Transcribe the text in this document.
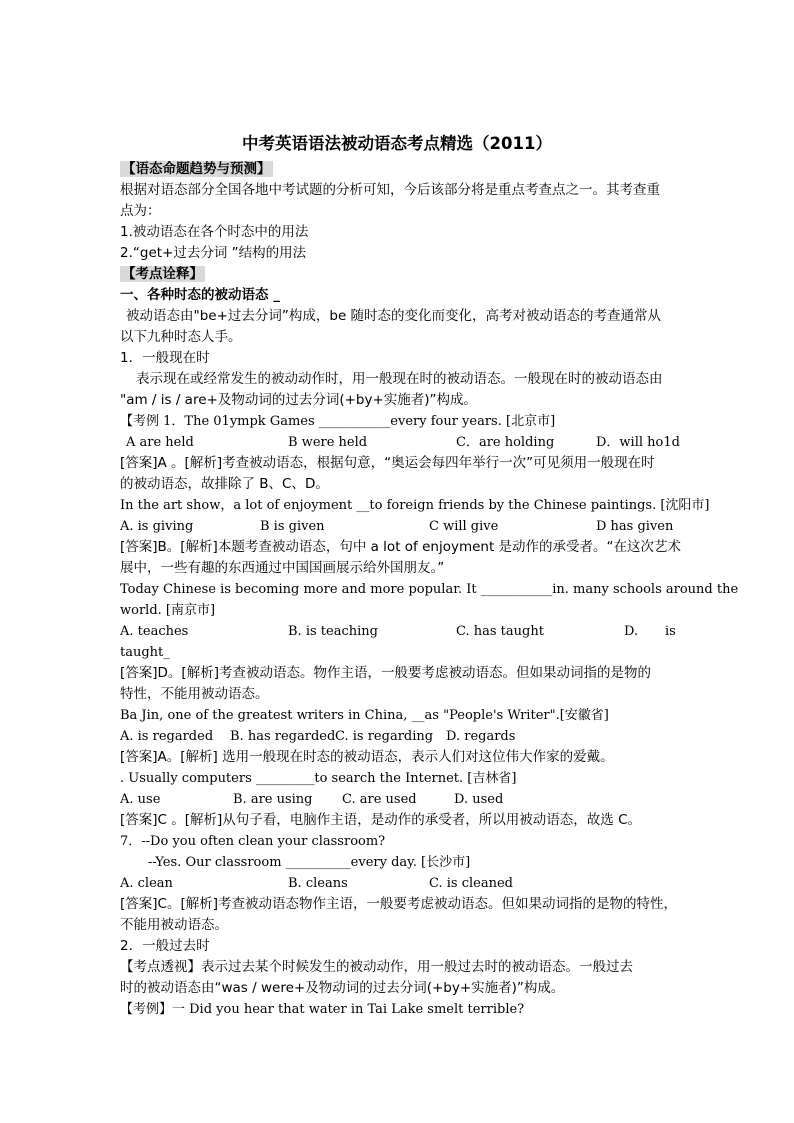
中考英语语法被动语态考点精选（2011）
【语态命题趋势与预测】
根据对语态部分全国各地中考试题的分析可知，今后该部分将是重点考查点之一。其考查重
点为：
1.被动语态在各个时态中的用法
2.“get+过去分词 ”结构的用法
【考点诠释】
一、各种时态的被动语态 _
被动语态由"be+过去分词”构成，be 随时态的变化而变化，高考对被动语态的考查通常从
以下九种时态人手。
1．一般现在时
表示现在或经常发生的被动动作时，用一般现在时的被动语态。一般现在时的被动语态由
"am / is / are+及物动词的过去分词(+by+实施者)”构成。
【考例 1．The 01ympk Games ___________every four years. [北京市]
A are held	B were held	C．are holding	D．will ho1d
[答案]A 。[解析]考查被动语态，根据句意，“奥运会每四年举行一次”可见须用一般现在时
的被动语态，故排除了 B、C、D。
In the art show，a lot of enjoyment __to foreign friends by the Chinese paintings. [沈阳市]
A. is giving	B is given	C will give	D has given
[答案]B。[解析]本题考查被动语态，句中 a lot of enjoyment 是动作的承受者。“在这次艺术
展中，一些有趣的东西通过中国国画展示给外国朋友。”
Today Chinese is becoming more and more popular. It ___________in. many schools around the
world. [南京市]
A. teaches	B. is teaching	C. has taught	D. is
taught_
[答案]D。[解析]考查被动语态。物作主语，一般要考虑被动语态。但如果动词指的是物的
特性，不能用被动语态。
Ba Jin, one of the greatest writers in China, __as "People's Writer".[安徽省]
A. is regarded B. has regarded C. is regarding D. regards
[答案]A。[解析] 选用一般现在时态的被动语态，表示人们对这位伟大作家的爱戴。
. Usually computers _________to search the Internet. [吉林省]
A. use	B. are using C. are used	D. used
[答案]C 。[解析]从句子看，电脑作主语，是动作的承受者，所以用被动语态，故选 C。
7．--Do you often clean your classroom?
--Yes. Our classroom __________every day. [长沙市]
A. clean	B. cleans	C. is cleaned
[答案]C。[解析]考查被动语态物作主语，一般要考虑被动语态。但如果动词指的是物的特性，
不能用被动语态。
2．一般过去时
【考点透视】表示过去某个时候发生的被动动作，用一般过去时的被动语态。一般过去
时的被动语态由“was / were+及物动词的过去分词(+by+实施者)”构成。
【考例】一 Did you hear that water in Tai Lake smelt terrible?
